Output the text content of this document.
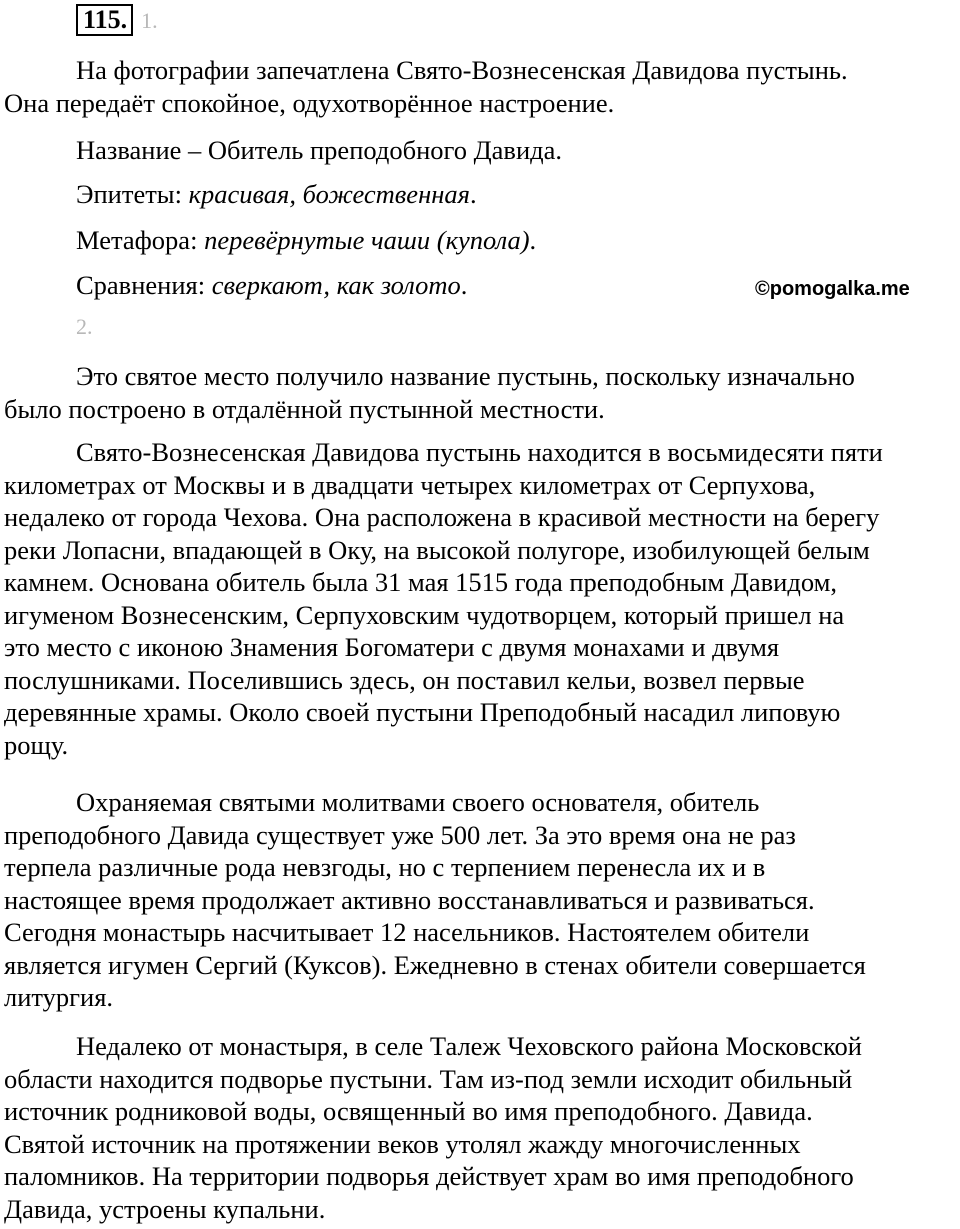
115. 1.
На фотографии запечатлена Свято-Вознесенская Давидова пустынь.
Она передаёт спокойное, одухотворённое настроение.
Название – Обитель преподобного Давида.
Эпитеты: красивая, божественная.
Метафора: перевёрнутые чаши (купола).
Сравнения: сверкают, как золото.	©pomogalka.me
2.

Это святое место получило название пустынь, поскольку изначально

было построено в отдалённой пустынной местности.

Свято-Вознесенская Давидова пустынь находится в восьмидесяти пяти

километрах от Москвы и в двадцати четырех километрах от Серпухова,

недалеко от города Чехова. Она расположена в красивой местности на берегу

реки Лопасни, впадающей в Оку, на высокой полугоре, изобилующей белым

камнем. Основана обитель была 31 мая 1515 года преподобным Давидом,

игуменом Вознесенским, Серпуховским чудотворцем, который пришел на

это место с иконою Знамения Богоматери с двумя монахами и двумя

послушниками. Поселившись здесь, он поставил кельи, возвел первые

деревянные храмы. Около своей пустыни Преподобный насадил липовую

рощу.

Охраняемая святыми молитвами своего основателя, обитель

преподобного Давида существует уже 500 лет. За это время она не раз

терпела различные рода невзгоды, но с терпением перенесла их и в

настоящее время продолжает активно восстанавливаться и развиваться.

Сегодня монастырь насчитывает 12 насельников. Настоятелем обители

является игумен Сергий (Куксов). Ежедневно в стенах обители совершается

литургия.

Недалеко от монастыря, в селе Талеж Чеховского района Московской

области находится подворье пустыни. Там из-под земли исходит обильный

источник родниковой воды, освященный во имя преподобного. Давида.

Святой источник на протяжении веков утолял жажду многочисленных

паломников. На территории подворья действует храм во имя преподобного

Давида, устроены купальни.
